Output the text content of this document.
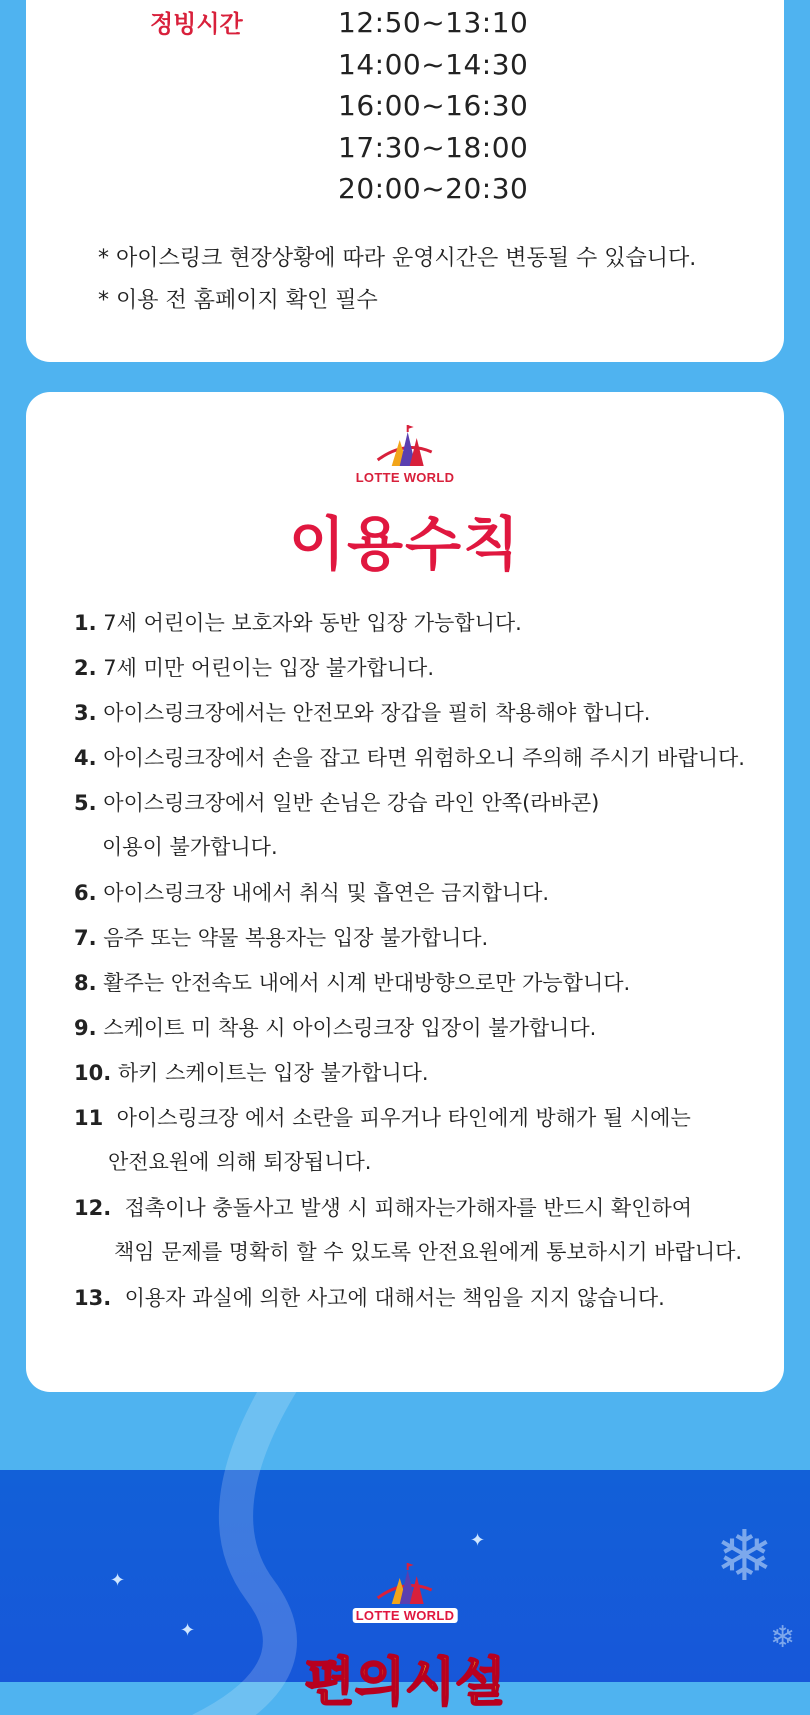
정빙시간	12:50~13:10
14:00~14:30
16:00~16:30
17:30~18:00
20:00~20:30
* 아이스링크 현장상황에 따라 운영시간은 변동될 수 있습니다.
* 이용 전 홈페이지 확인 필수
LOTTE WORLD
이용수칙
1. 7세 어린이는 보호자와 동반 입장 가능합니다.
2. 7세 미만 어린이는 입장 불가합니다.
3. 아이스링크장에서는 안전모와 장갑을 필히 착용해야 합니다.
4. 아이스링크장에서 손을 잡고 타면 위험하오니 주의해 주시기 바랍니다.
5. 아이스링크장에서 일반 손님은 강습 라인 안쪽(라바콘)
이용이 불가합니다.
6. 아이스링크장 내에서 취식 및 흡연은 금지합니다.
7. 음주 또는 약물 복용자는 입장 불가합니다.
8. 활주는 안전속도 내에서 시계 반대방향으로만 가능합니다.
9. 스케이트 미 착용 시 아이스링크장 입장이 불가합니다.
10. 하키 스케이트는 입장 불가합니다.
11 아이스링크장 에서 소란을 피우거나 타인에게 방해가 될 시에는
안전요원에 의해 퇴장됩니다.
12. 접촉이나 충돌사고 발생 시 피해자는가해자를 반드시 확인하여
책임 문제를 명확히 할 수 있도록 안전요원에게 통보하시기 바랍니다.
13. 이용자 과실에 의한 사고에 대해서는 책임을 지지 않습니다.
✦
✦
✦
❄
❄
LOTTE WORLD
편의시설
